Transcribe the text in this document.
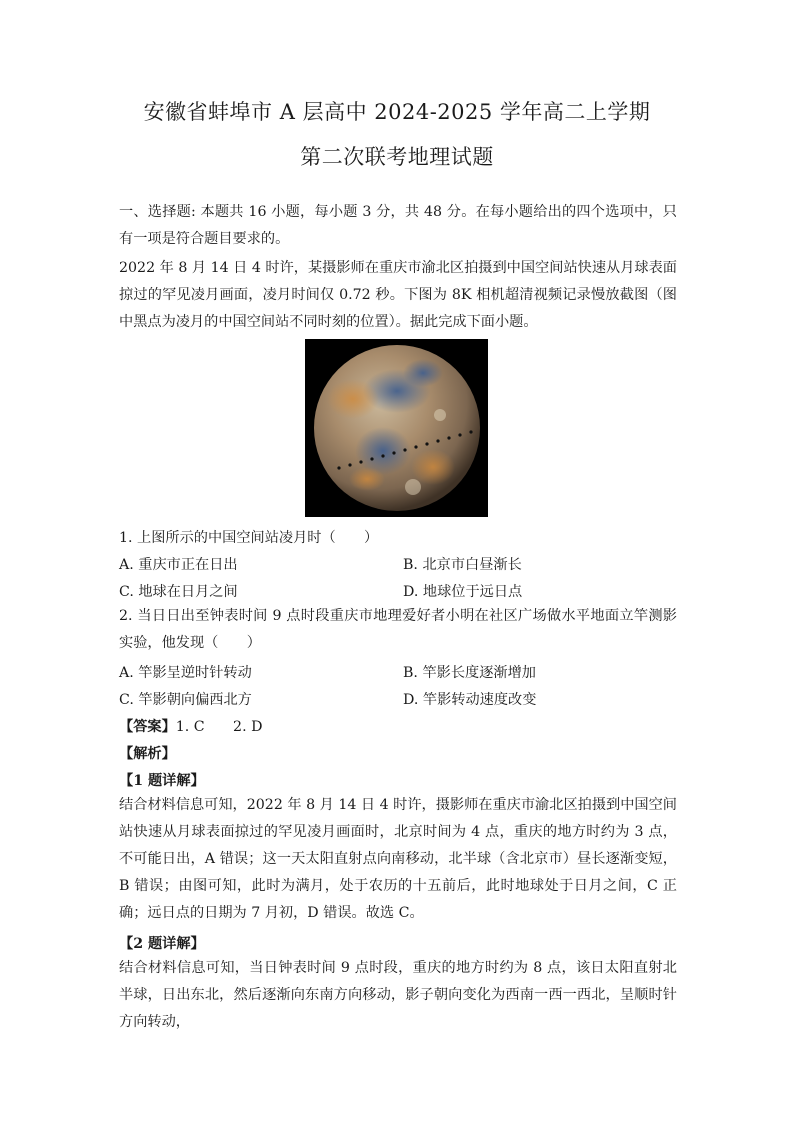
安徽省蚌埠市 A 层高中 2024-2025 学年高二上学期
第二次联考地理试题
一、选择题: 本题共 16 小题，每小题 3 分，共 48 分。在每小题给出的四个选项中，只有一项是符合题目要求的。
2022 年 8 月 14 日 4 时许，某摄影师在重庆市渝北区拍摄到中国空间站快速从月球表面掠过的罕见凌月画面，凌月时间仅 0.72 秒。下图为 8K 相机超清视频记录慢放截图（图中黑点为凌月的中国空间站不同时刻的位置）。据此完成下面小题。
1. 上图所示的中国空间站凌月时（　　）
A. 重庆市正在日出	B. 北京市白昼渐长
C. 地球在日月之间	D. 地球位于远日点
2. 当日日出至钟表时间 9 点时段重庆市地理爱好者小明在社区广场做水平地面立竿测影实验，他发现（　　）
A. 竿影呈逆时针转动	B. 竿影长度逐渐增加
C. 竿影朝向偏西北方	D. 竿影转动速度改变
【答案】1. C　　2. D
【解析】
【1 题详解】
结合材料信息可知，2022 年 8 月 14 日 4 时许，摄影师在重庆市渝北区拍摄到中国空间站快速从月球表面掠过的罕见凌月画面时，北京时间为 4 点，重庆的地方时约为 3 点，不可能日出，A 错误；这一天太阳直射点向南移动，北半球（含北京市）昼长逐渐变短，B 错误；由图可知，此时为满月，处于农历的十五前后，此时地球处于日月之间，C 正确；远日点的日期为 7 月初，D 错误。故选 C。
【2 题详解】
结合材料信息可知，当日钟表时间 9 点时段，重庆的地方时约为 8 点，该日太阳直射北半球，日出东北，然后逐渐向东南方向移动，影子朝向变化为西南一西一西北，呈顺时针方向转动，
